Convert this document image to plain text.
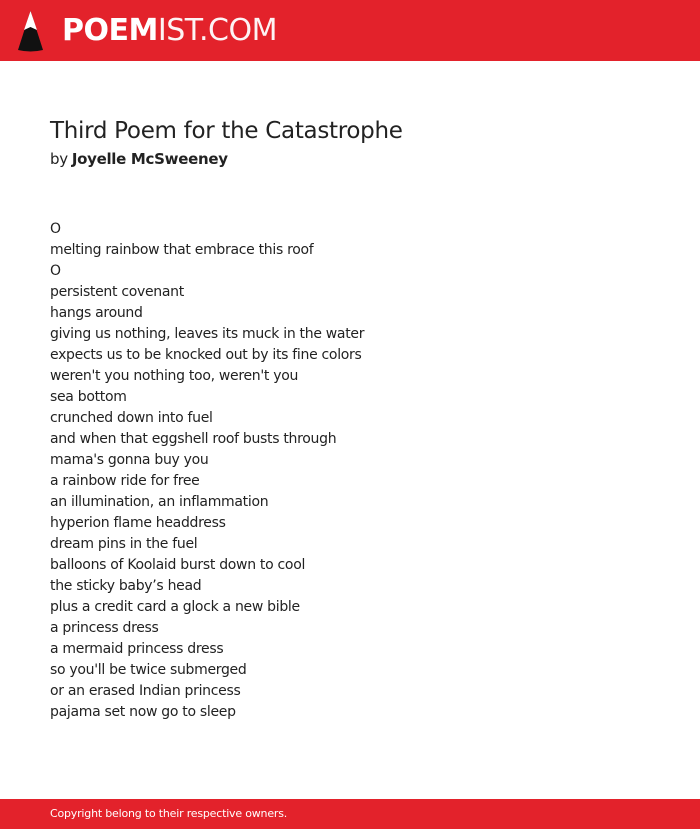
POEMIST.COM
Third Poem for the Catastrophe
by Joyelle McSweeney
O
melting rainbow that embrace this roof
O
persistent covenant
hangs around
giving us nothing, leaves its muck in the water
expects us to be knocked out by its fine colors
weren't you nothing too, weren't you
sea bottom
crunched down into fuel
and when that eggshell roof busts through
mama's gonna buy you
a rainbow ride for free
an illumination, an inflammation
hyperion flame headdress
dream pins in the fuel
balloons of Koolaid burst down to cool
the sticky baby’s head
plus a credit card a glock a new bible
a princess dress
a mermaid princess dress
so you'll be twice submerged
or an erased Indian princess
pajama set now go to sleep
Copyright belong to their respective owners.
